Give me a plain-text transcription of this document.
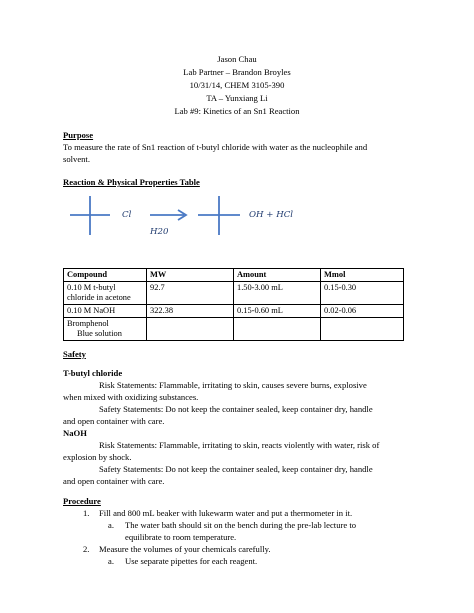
Jason Chau
Lab Partner – Brandon Broyles
10/31/14, CHEM 3105-390
TA – Yunxiang Li
Lab #9: Kinetics of an Sn1 Reaction
Purpose
To measure the rate of Sn1 reaction of t-butyl chloride with water as the nucleophile and
solvent.
Reaction & Physical Properties Table
Cl
H20
OH + HCl
Compound	MW	Amount	Mmol

0.10 M t-butyl
chloride in acetone	92.7	1.50-3.00 mL	0.15-0.30
0.10 M NaOH	322.38	0.15-0.60 mL	0.02-0.06

Bromphenol
Blue solution			

Safety
T-butyl chloride
Risk Statements: Flammable, irritating to skin, causes severe burns, explosive
when mixed with oxidizing substances.
Safety Statements: Do not keep the container sealed, keep container dry, handle
and open container with care.
NaOH
Risk Statements: Flammable, irritating to skin, reacts violently with water, risk of
explosion by shock.
Safety Statements: Do not keep the container sealed, keep container dry, handle
and open container with care.
Procedure
1. Fill and 800 mL beaker with lukewarm water and put a thermometer in it.
a. The water bath should sit on the bench during the pre-lab lecture to
equilibrate to room temperature.
2. Measure the volumes of your chemicals carefully.
a. Use separate pipettes for each reagent.
